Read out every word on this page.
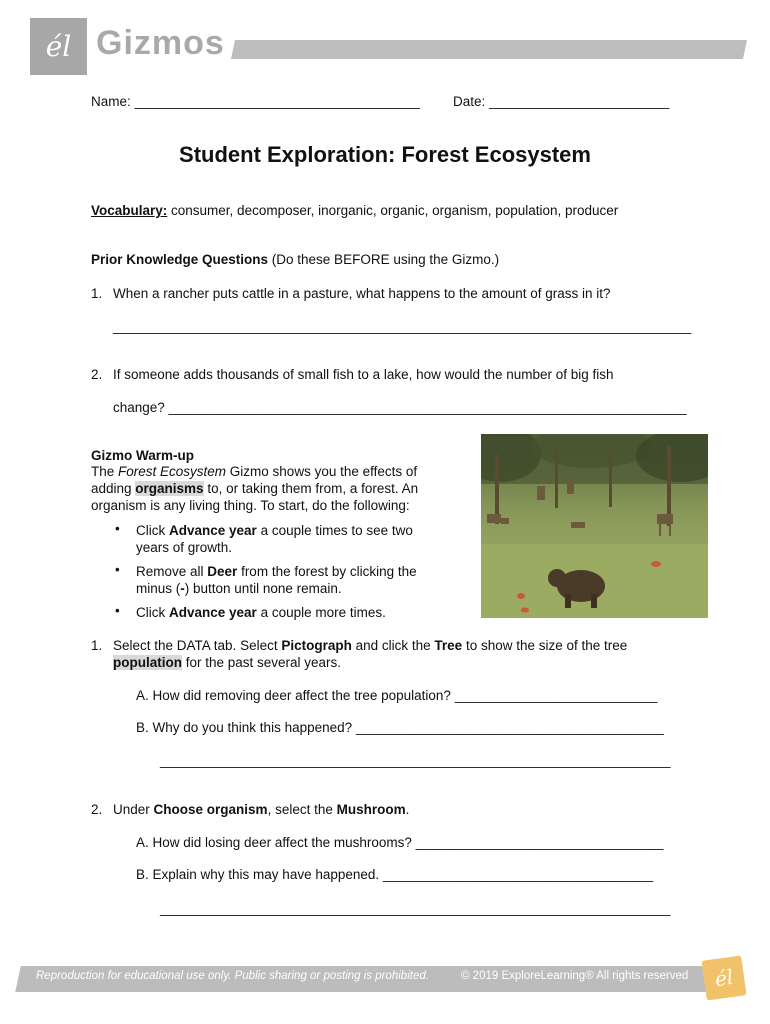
él Gizmos
Name: ______________________________________ Date: ________________________
Student Exploration: Forest Ecosystem
Vocabulary: consumer, decomposer, inorganic, organic, organism, population, producer
Prior Knowledge Questions (Do these BEFORE using the Gizmo.)
1. When a rancher puts cattle in a pasture, what happens to the amount of grass in it?
_____________________________________________________________________________
2. If someone adds thousands of small fish to a lake, how would the number of big fish
change? _____________________________________________________________________
Gizmo Warm-up
The Forest Ecosystem Gizmo shows you the effects of
adding organisms to, or taking them from, a forest. An
organism is any living thing. To start, do the following:
• Click Advance year a couple times to see two
years of growth.
• Remove all Deer from the forest by clicking the
minus (-) button until none remain.
• Click Advance year a couple more times.
1. Select the DATA tab. Select Pictograph and click the Tree to show the size of the tree
population for the past several years.
A. How did removing deer affect the tree population? ___________________________
B. Why do you think this happened? _________________________________________
____________________________________________________________________
2. Under Choose organism, select the Mushroom.
A. How did losing deer affect the mushrooms? _________________________________
B. Explain why this may have happened. ____________________________________
____________________________________________________________________
Reproduction for educational use only. Public sharing or posting is prohibited.	© 2019 ExploreLearning® All rights reserved	él
